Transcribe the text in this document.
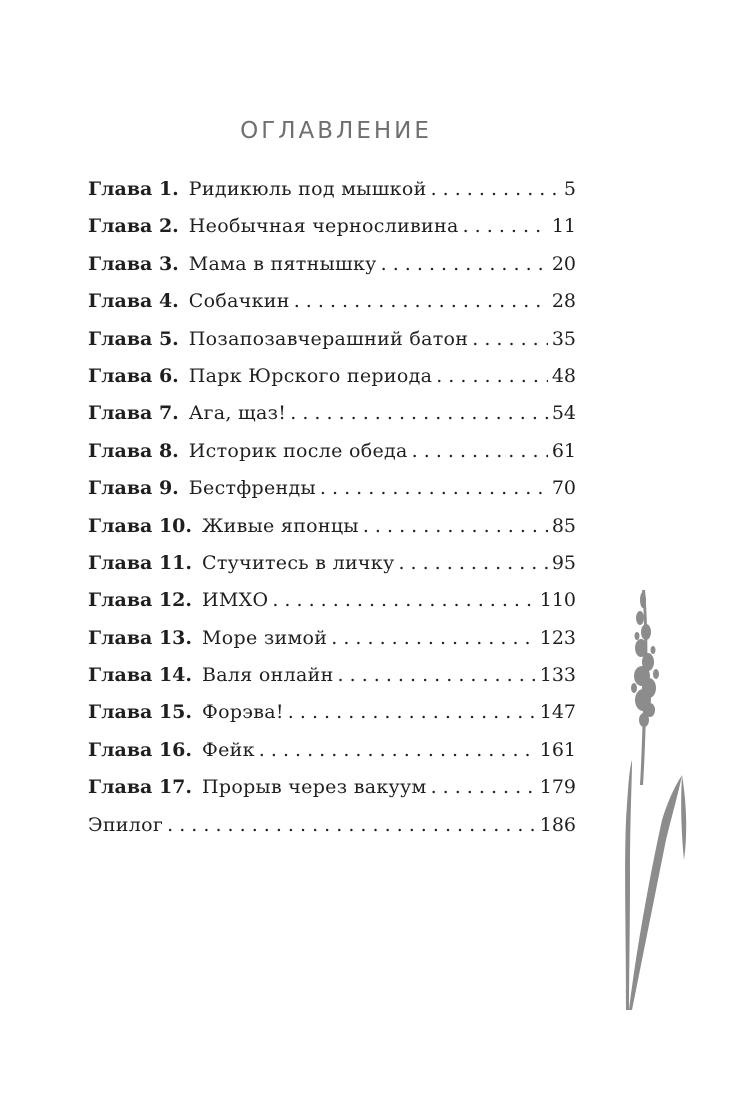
ОГЛАВЛЕНИЕ
Глава 1. Ридикюль под мышкой . . .	5
Глава 2. Необычная черносливина . . .	11
Глава 3. Мама в пятнышку . . .	20
Глава 4. Собачкин . . .	28
Глава 5. Позапозавчерашний батон . . .	35
Глава 6. Парк Юрского периода . . .	48
Глава 7. Ага, щаз! . . .	54
Глава 8. Историк после обеда . . .	61
Глава 9. Бестфренды . . .	70
Глава 10. Живые японцы . . .	85
Глава 11. Стучитесь в личку . . .	95
Глава 12. ИМХО . . .	110
Глава 13. Море зимой . . .	123
Глава 14. Валя онлайн . . .	133
Глава 15. Форэва! . . .	147
Глава 16. Фейк . . .	161
Глава 17. Прорыв через вакуум . . .	179
Эпилог . . .	186
